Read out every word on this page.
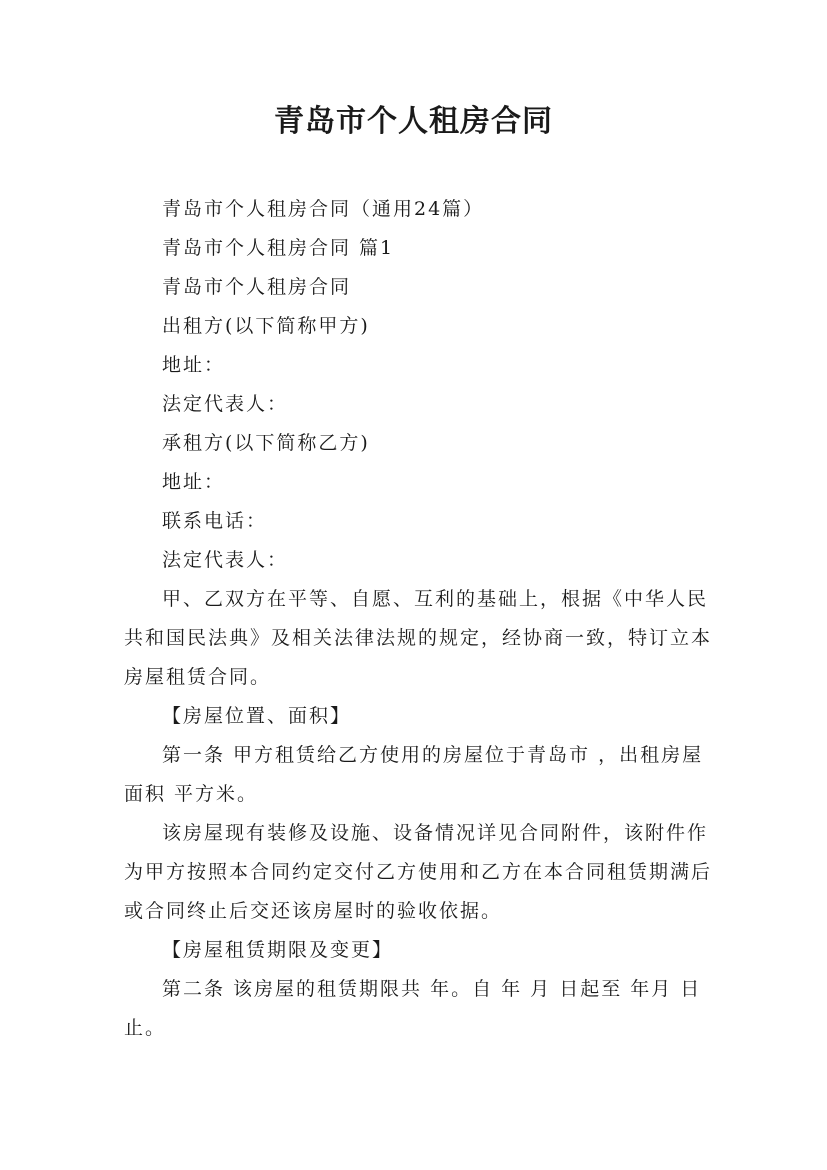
青岛市个人租房合同

青岛市个人租房合同（通用24篇）

青岛市个人租房合同 篇1

青岛市个人租房合同

出租方(以下简称甲方)

地址：

法定代表人：

承租方(以下简称乙方)

地址：

联系电话：

法定代表人：

甲、乙双方在平等、自愿、互利的基础上，根据《中华人民共和国民法典》及相关法律法规的规定，经协商一致，特订立本房屋租赁合同。

【房屋位置、面积】

第一条 甲方租赁给乙方使用的房屋位于青岛市 ，出租房屋面积 平方米。

该房屋现有装修及设施、设备情况详见合同附件，该附件作为甲方按照本合同约定交付乙方使用和乙方在本合同租赁期满后或合同终止后交还该房屋时的验收依据。

【房屋租赁期限及变更】

第二条 该房屋的租赁期限共 年。自 年 月 日起至 年月 日止。
